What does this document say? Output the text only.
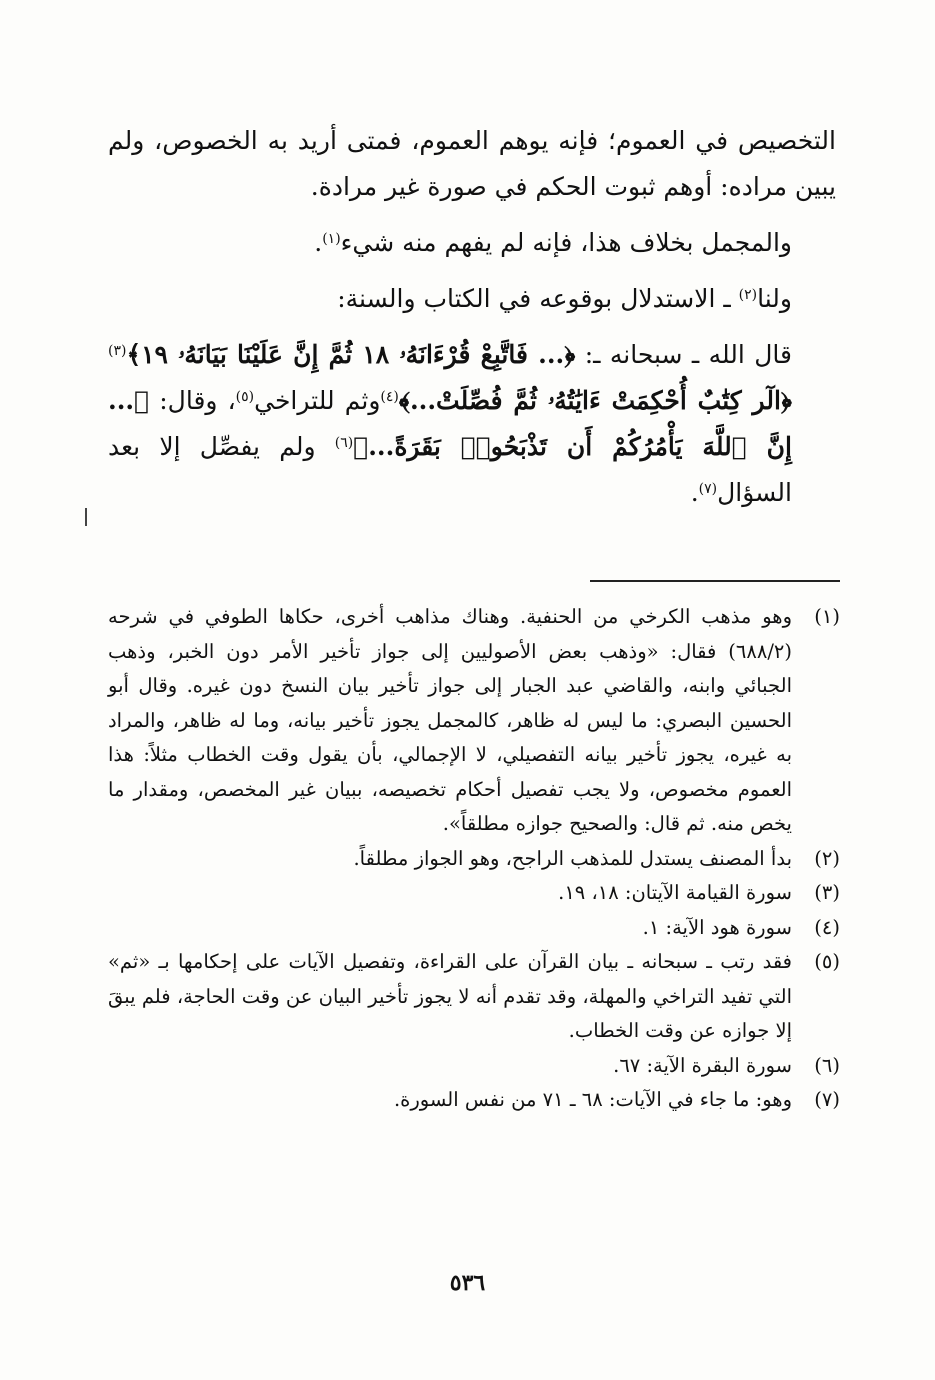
التخصيص في العموم؛ فإنه يوهم العموم، فمتى أريد به الخصوص، ولم يبين مراده: أوهم ثبوت الحكم في صورة غير مرادة.

والمجمل بخلاف هذا، فإنه لم يفهم منه شيء$^{(١)}$.

ولنا$^{(٢)}$ ـ الاستدلال بوقوعه في الكتاب والسنة:

قال الله ـ سبحانه ـ: ﴿... فَاتَّبِعْ قُرْءَانَهُۥ ١٨ ثُمَّ إِنَّ عَلَيْنَا بَيَانَهُۥ ١٩﴾$^{(٣)}$ ﴿الٓر كِتَٰبٌ أُحْكِمَتْ ءَايَٰتُهُۥ ثُمَّ فُصِّلَتْ...﴾$^{(٤)}$وثم للتراخي$^{(٥)}$، وقال: ﴿... إِنَّ ٱللَّهَ يَأْمُرُكُمْ أَن تَذْبَحُوا۟ بَقَرَةً...﴾$^{(٦)}$ ولم يفصِّل إلا بعد السؤال$^{(٧)}$.

(١)
وهو مذهب الكرخي من الحنفية. وهناك مذاهب أخرى، حكاها الطوفي في شرحه (٦٨٨/٢) فقال: «وذهب بعض الأصوليين إلى جواز تأخير الأمر دون الخبر، وذهب الجبائي وابنه، والقاضي عبد الجبار إلى جواز تأخير بيان النسخ دون غيره. وقال أبو الحسين البصري: ما ليس له ظاهر، كالمجمل يجوز تأخير بيانه، وما له ظاهر، والمراد به غيره، يجوز تأخير بيانه التفصيلي، لا الإجمالي، بأن يقول وقت الخطاب مثلاً: هذا العموم مخصوص، ولا يجب تفصيل أحكام تخصيصه، ببيان غير المخصص، ومقدار ما يخص منه. ثم قال: والصحيح جوازه مطلقاً».

(٢)
بدأ المصنف يستدل للمذهب الراجح، وهو الجواز مطلقاً.

(٣)
سورة القيامة الآيتان: ١٨، ١٩.

(٤)
سورة هود الآية: ١.

(٥)
فقد رتب ـ سبحانه ـ بيان القرآن على القراءة، وتفصيل الآيات على إحكامها بـ «ثم» التي تفيد التراخي والمهلة، وقد تقدم أنه لا يجوز تأخير البيان عن وقت الحاجة، فلم يبقَ إلا جوازه عن وقت الخطاب.

(٦)
سورة البقرة الآية: ٦٧.

(٧)
وهو: ما جاء في الآيات: ٦٨ ـ ٧١ من نفس السورة.

٥٣٦
